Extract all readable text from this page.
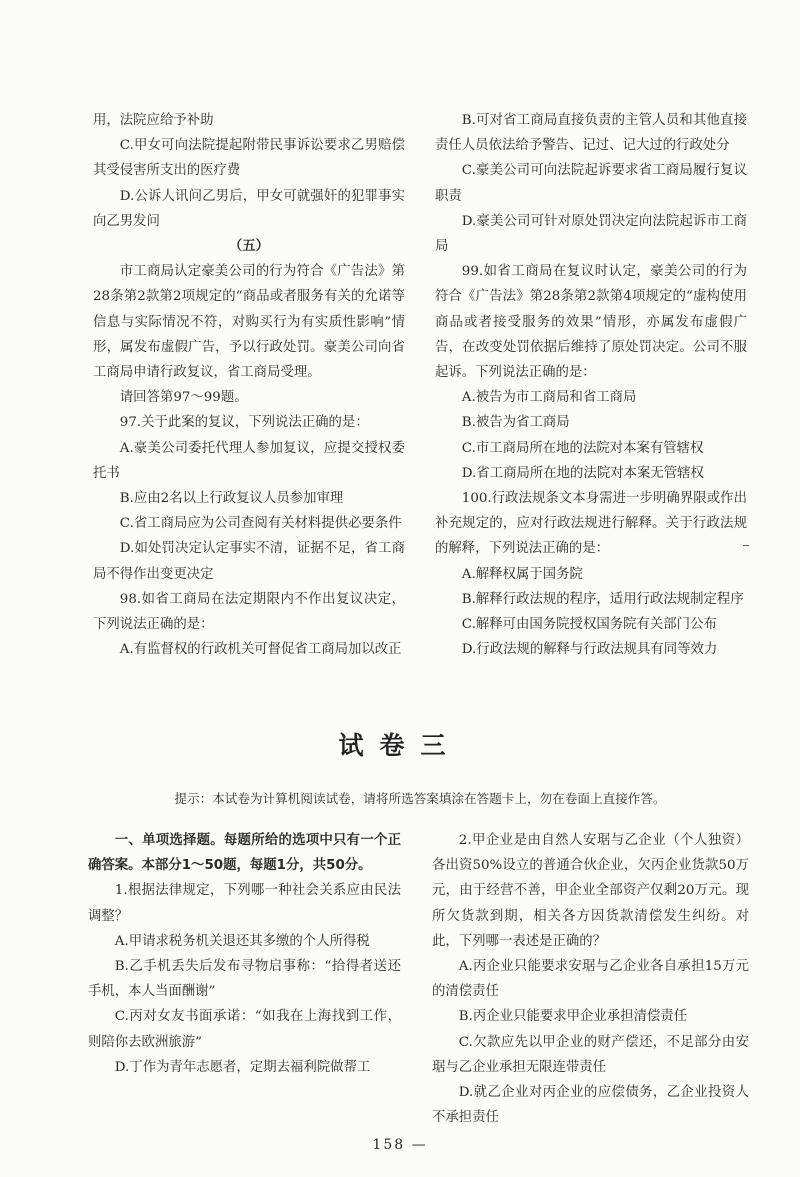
用，法院应给予补助

C.甲女可向法院提起附带民事诉讼要求乙男赔偿其受侵害所支出的医疗费

D.公诉人讯问乙男后，甲女可就强奸的犯罪事实向乙男发问

（五）

市工商局认定豪美公司的行为符合《广告法》第28条第2款第2项规定的“商品或者服务有关的允诺等信息与实际情况不符，对购买行为有实质性影响”情形，属发布虚假广告，予以行政处罚。豪美公司向省工商局申请行政复议，省工商局受理。

请回答第97～99题。

97.关于此案的复议，下列说法正确的是：

A.豪美公司委托代理人参加复议，应提交授权委托书

B.应由2名以上行政复议人员参加审理

C.省工商局应为公司查阅有关材料提供必要条件

D.如处罚决定认定事实不清，证据不足，省工商局不得作出变更决定

98.如省工商局在法定期限内不作出复议决定，下列说法正确的是：

A.有监督权的行政机关可督促省工商局加以改正

B.可对省工商局直接负责的主管人员和其他直接责任人员依法给予警告、记过、记大过的行政处分

C.豪美公司可向法院起诉要求省工商局履行复议职责

D.豪美公司可针对原处罚决定向法院起诉市工商局

99.如省工商局在复议时认定，豪美公司的行为符合《广告法》第28条第2款第4项规定的“虚构使用商品或者接受服务的效果”情形，亦属发布虚假广告，在改变处罚依据后维持了原处罚决定。公司不服起诉。下列说法正确的是：

A.被告为市工商局和省工商局

B.被告为省工商局

C.市工商局所在地的法院对本案有管辖权

D.省工商局所在地的法院对本案无管辖权

100.行政法规条文本身需进一步明确界限或作出补充规定的，应对行政法规进行解释。关于行政法规的解释，下列说法正确的是：

A.解释权属于国务院

B.解释行政法规的程序，适用行政法规制定程序

C.解释可由国务院授权国务院有关部门公布

D.行政法规的解释与行政法规具有同等效力

试卷三
提示：本试卷为计算机阅读试卷，请将所选答案填涂在答题卡上，勿在卷面上直接作答。

一、单项选择题。每题所给的选项中只有一个正确答案。本部分1～50题，每题1分，共50分。

1.根据法律规定，下列哪一种社会关系应由民法调整？

A.甲请求税务机关退还其多缴的个人所得税

B.乙手机丢失后发布寻物启事称：“拾得者送还手机，本人当面酬谢”

C.丙对女友书面承诺：“如我在上海找到工作，则陪你去欧洲旅游”

D.丁作为青年志愿者，定期去福利院做帮工

2.甲企业是由自然人安琚与乙企业（个人独资）各出资50%设立的普通合伙企业，欠丙企业货款50万元，由于经营不善，甲企业全部资产仅剩20万元。现所欠货款到期，相关各方因货款清偿发生纠纷。对此，下列哪一表述是正确的？

A.丙企业只能要求安琚与乙企业各自承担15万元的清偿责任

B.丙企业只能要求甲企业承担清偿责任

C.欠款应先以甲企业的财产偿还，不足部分由安琚与乙企业承担无限连带责任

D.就乙企业对丙企业的应偿债务，乙企业投资人不承担责任

158 —
